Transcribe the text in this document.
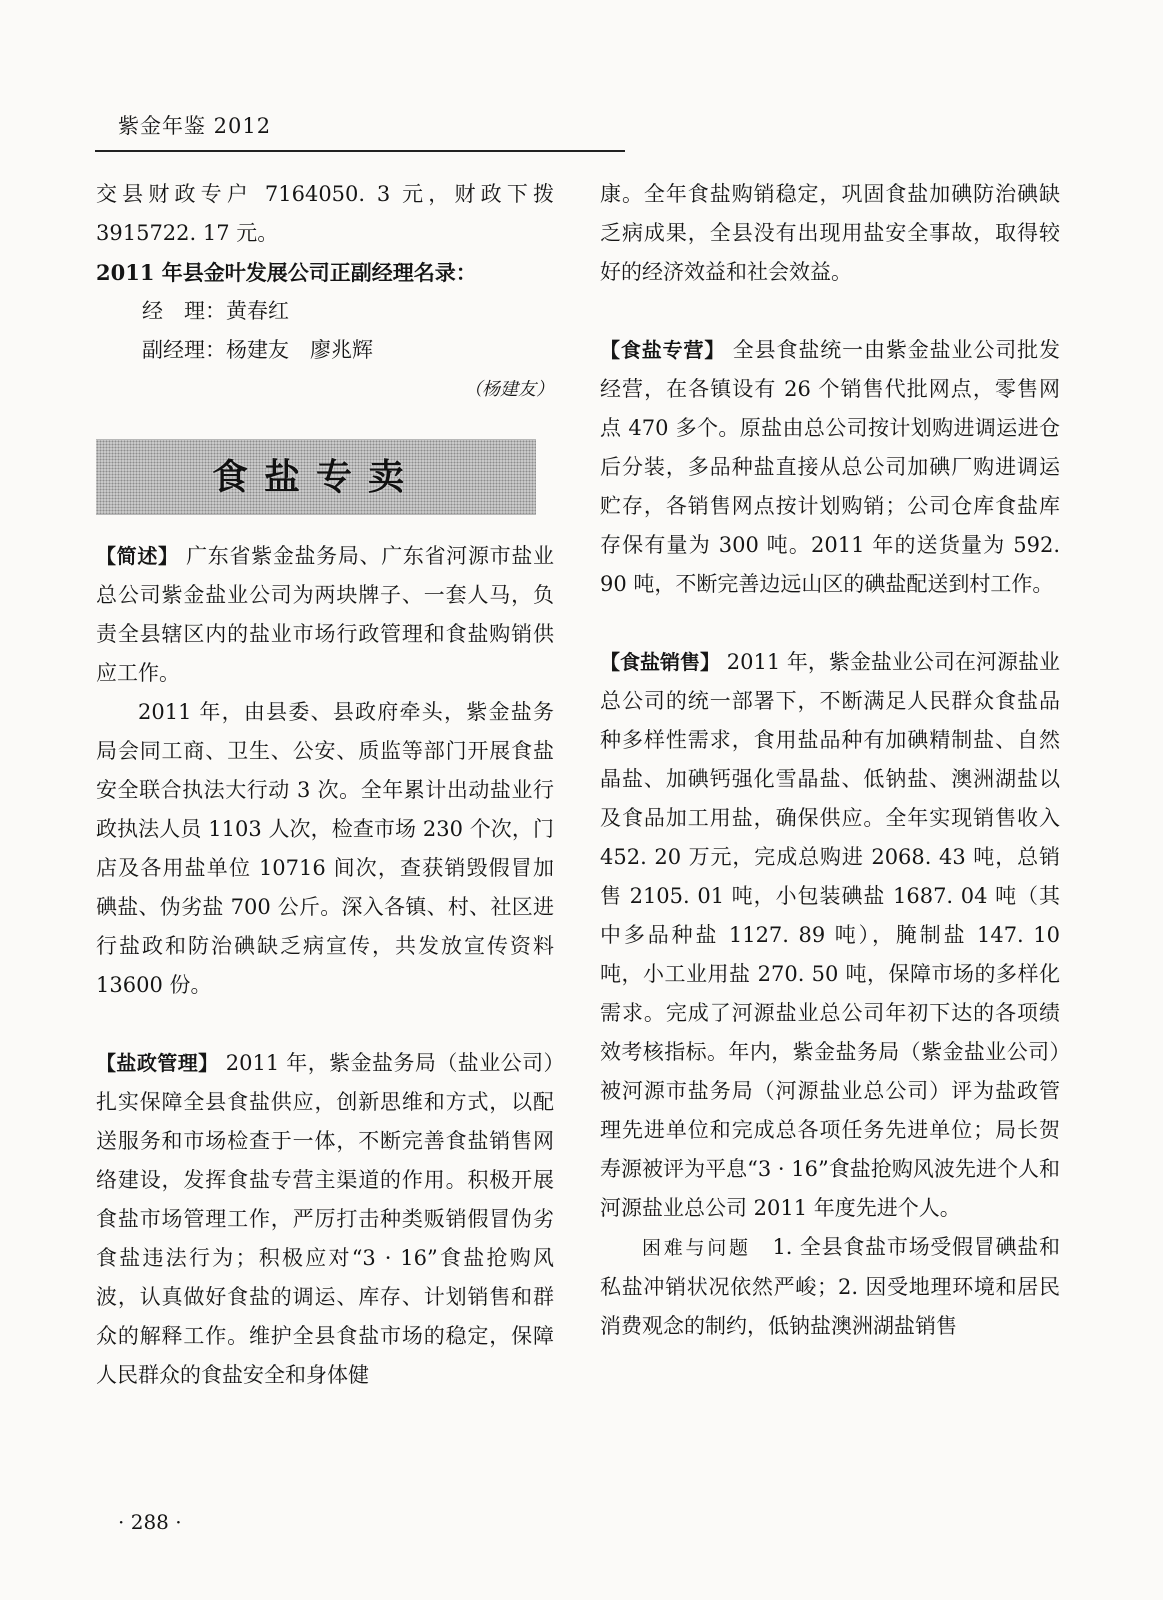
紫金年鉴 2012

交县财政专户 7164050. 3 元，财政下拨 3915722. 17 元。

2011 年县金叶发展公司正副经理名录：

经　理：黄春红

副经理：杨建友　廖兆辉

（杨建友）

食盐专卖

【简述】 广东省紫金盐务局、广东省河源市盐业总公司紫金盐业公司为两块牌子、一套人马，负责全县辖区内的盐业市场行政管理和食盐购销供应工作。

2011 年，由县委、县政府牵头，紫金盐务局会同工商、卫生、公安、质监等部门开展食盐安全联合执法大行动 3 次。全年累计出动盐业行政执法人员 1103 人次，检查市场 230 个次，门店及各用盐单位 10716 间次，查获销毁假冒加碘盐、伪劣盐 700 公斤。深入各镇、村、社区进行盐政和防治碘缺乏病宣传，共发放宣传资料 13600 份。

【盐政管理】 2011 年，紫金盐务局（盐业公司）扎实保障全县食盐供应，创新思维和方式，以配送服务和市场检查于一体，不断完善食盐销售网络建设，发挥食盐专营主渠道的作用。积极开展食盐市场管理工作，严厉打击种类贩销假冒伪劣食盐违法行为；积极应对“3 · 16”食盐抢购风波，认真做好食盐的调运、库存、计划销售和群众的解释工作。维护全县食盐市场的稳定，保障人民群众的食盐安全和身体健

康。全年食盐购销稳定，巩固食盐加碘防治碘缺乏病成果，全县没有出现用盐安全事故，取得较好的经济效益和社会效益。

【食盐专营】 全县食盐统一由紫金盐业公司批发经营，在各镇设有 26 个销售代批网点，零售网点 470 多个。原盐由总公司按计划购进调运进仓后分装，多品种盐直接从总公司加碘厂购进调运贮存，各销售网点按计划购销；公司仓库食盐库存保有量为 300 吨。2011 年的送货量为 592. 90 吨，不断完善边远山区的碘盐配送到村工作。

【食盐销售】 2011 年，紫金盐业公司在河源盐业总公司的统一部署下，不断满足人民群众食盐品种多样性需求，食用盐品种有加碘精制盐、自然晶盐、加碘钙强化雪晶盐、低钠盐、澳洲湖盐以及食品加工用盐，确保供应。全年实现销售收入 452. 20 万元，完成总购进 2068. 43 吨，总销售 2105. 01 吨，小包装碘盐 1687. 04 吨（其中多品种盐 1127. 89 吨），腌制盐 147. 10 吨，小工业用盐 270. 50 吨，保障市场的多样化需求。完成了河源盐业总公司年初下达的各项绩效考核指标。年内，紫金盐务局（紫金盐业公司）被河源市盐务局（河源盐业总公司）评为盐政管理先进单位和完成总各项任务先进单位；局长贺寿源被评为平息“3 · 16”食盐抢购风波先进个人和河源盐业总公司 2011 年度先进个人。

困难与问题　 1. 全县食盐市场受假冒碘盐和私盐冲销状况依然严峻；2. 因受地理环境和居民消费观念的制约，低钠盐澳洲湖盐销售

· 288 ·
